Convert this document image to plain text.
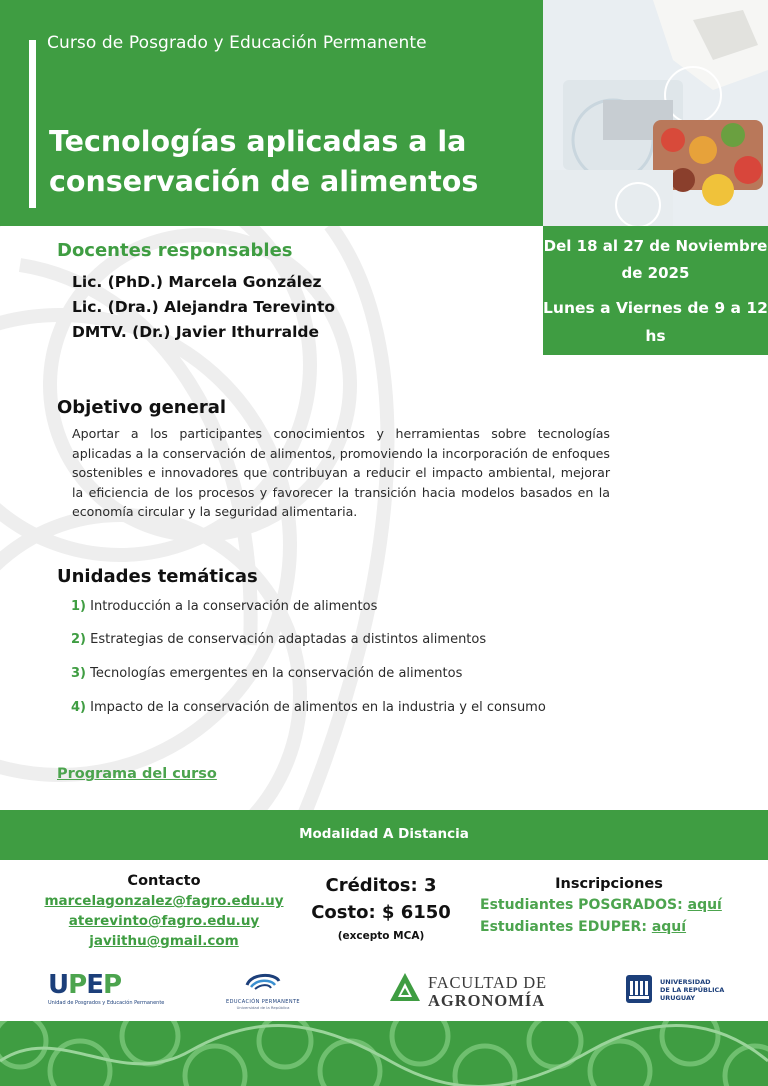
Curso de Posgrado y Educación Permanente
Tecnologías aplicadas a la conservación de alimentos
Del 18 al 27 de Noviembre de 2025
Lunes a Viernes de 9 a 12 hs
Docentes responsables
Lic. (PhD.) Marcela González
Lic. (Dra.) Alejandra Terevinto
DMTV. (Dr.) Javier Ithurralde
Objetivo general
Aportar a los participantes conocimientos y herramientas sobre tecnologías aplicadas a la conservación de alimentos, promoviendo la incorporación de enfoques sostenibles e innovadores que contribuyan a reducir el impacto ambiental, mejorar la eficiencia de los procesos y favorecer la transición hacia modelos basados en la economía circular y la seguridad alimentaria.
Unidades temáticas
1) Introducción a la conservación de alimentos
2) Estrategias de conservación adaptadas a distintos alimentos
3) Tecnologías emergentes en la conservación de alimentos
4) Impacto de la conservación de alimentos en la industria y el consumo
Programa del curso
Modalidad A Distancia
Contacto
marcelagonzalez@fagro.edu.uy
aterevinto@fagro.edu.uy
javiithu@gmail.com
Créditos: 3
Costo: $ 6150
(excepto MCA)
Inscripciones
Estudiantes POSGRADOS: aquí
Estudiantes EDUPER: aquí
UPEP
Unidad de Posgrados y Educación Permanente	EDUCACIÓN PERMANENTE
Universidad de la República
FACULTAD DE
AGRONOMÍA
UNIVERSIDAD
DE LA REPÚBLICA
URUGUAY
